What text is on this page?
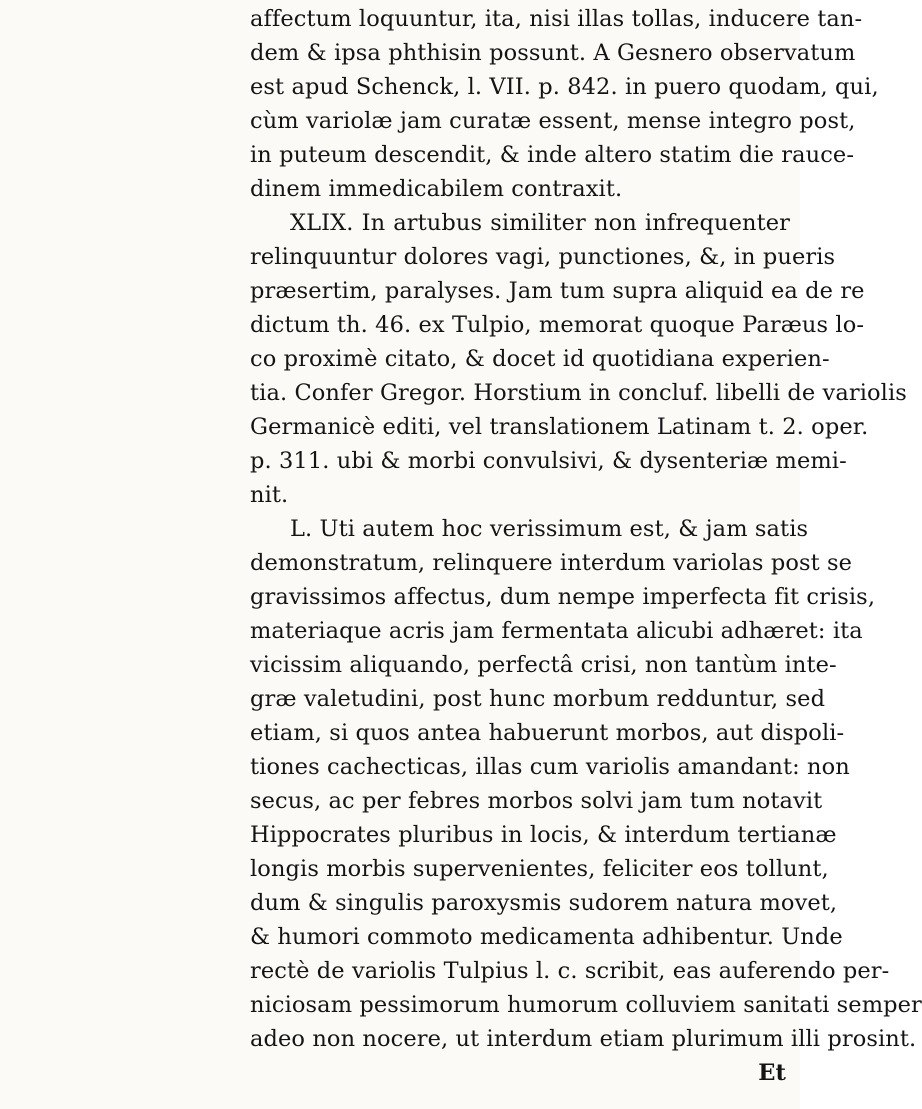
affectum loquuntur, ita, nisi illas tollas, inducere tan-
dem & ipsa phthisin possunt. A Gesnero observatum
est apud Schenck, l. VII. p. 842. in puero quodam, qui,
cùm variolæ jam curatæ essent, mense integro post,
in puteum descendit, & inde altero statim die rauce-
dinem immedicabilem contraxit.
XLIX. In artubus similiter non infrequenter
relinquuntur dolores vagi, punctiones, &, in pueris
præsertim, paralyses. Jam tum supra aliquid ea de re
dictum th. 46. ex Tulpio, memorat quoque Paræus lo-
co proximè citato, & docet id quotidiana experien-
tia. Confer Gregor. Horstium in concluf. libelli de variolis
Germanicè editi, vel translationem Latinam t. 2. oper.
p. 311. ubi & morbi convulsivi, & dysenteriæ memi-
nit.
L. Uti autem hoc verissimum est, & jam satis
demonstratum, relinquere interdum variolas post se
gravissimos affectus, dum nempe imperfecta fit crisis,
materiaque acris jam fermentata alicubi adhæret: ita
vicissim aliquando, perfectâ crisi, non tantùm inte-
græ valetudini, post hunc morbum redduntur, sed
etiam, si quos antea habuerunt morbos, aut dispoli-
tiones cachecticas, illas cum variolis amandant: non
secus, ac per febres morbos solvi jam tum notavit
Hippocrates pluribus in locis, & interdum tertianæ
longis morbis supervenientes, feliciter eos tollunt,
dum & singulis paroxysmis sudorem natura movet,
& humori commoto medicamenta adhibentur. Unde
rectè de variolis Tulpius l. c. scribit, eas auferendo per-
niciosam pessimorum humorum colluviem sanitati semper
adeo non nocere, ut interdum etiam plurimum illi prosint.
Et
